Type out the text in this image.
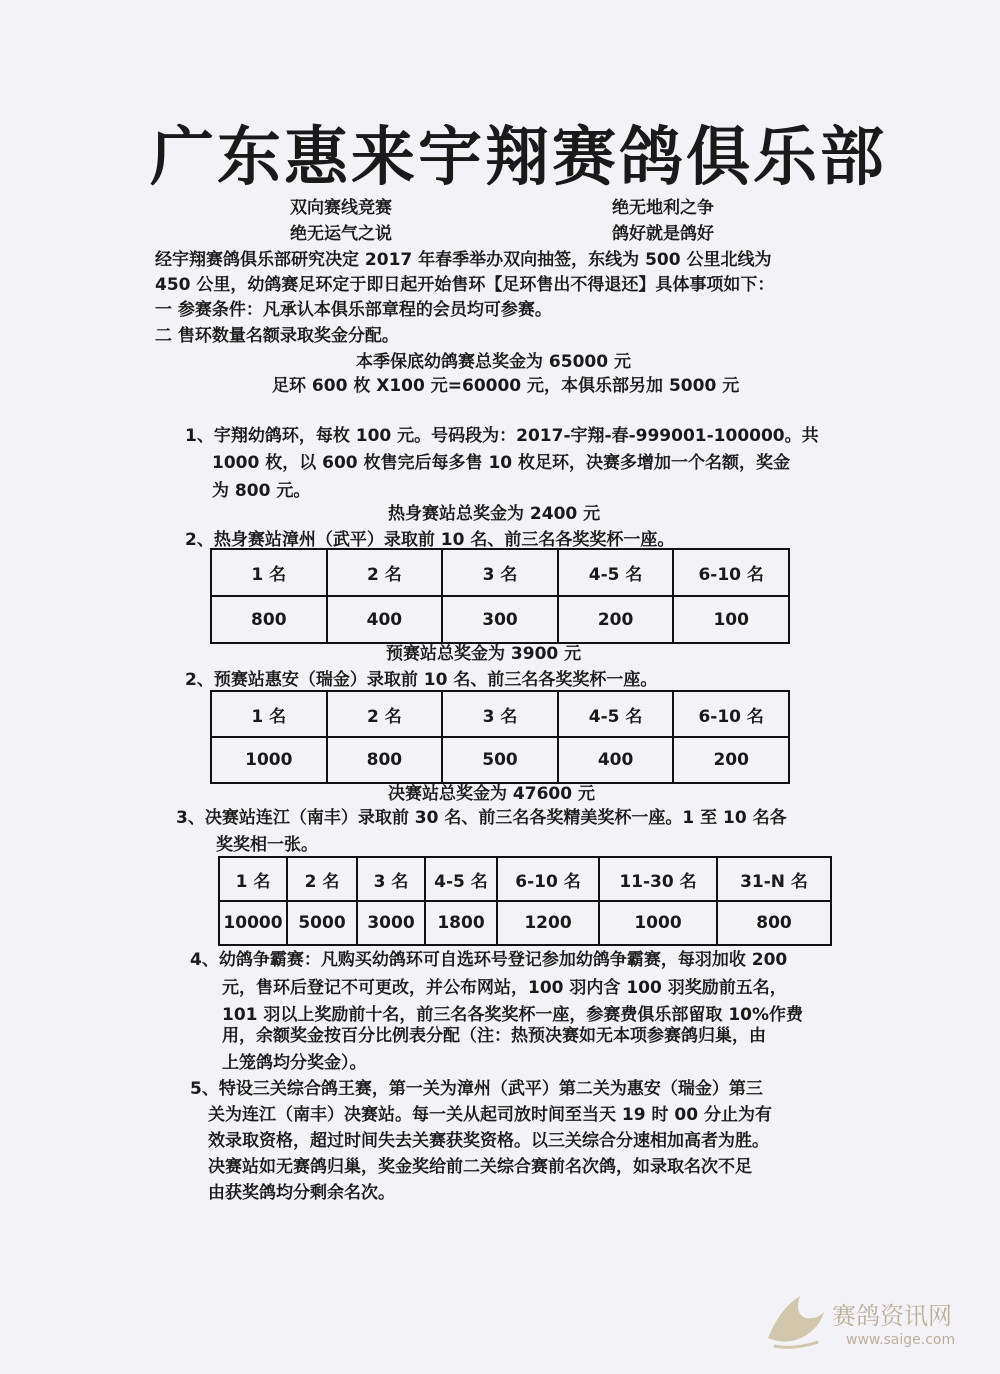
广东惠来宇翔赛鸽俱乐部
双向赛线竞赛	绝无地利之争
绝无运气之说	鸽好就是鸽好
经宇翔赛鸽俱乐部研究决定 2017 年春季举办双向抽签，东线为 500 公里北线为
450 公里，幼鸽赛足环定于即日起开始售环【足环售出不得退还】具体事项如下：
一 参赛条件：凡承认本俱乐部章程的会员均可参赛。
二 售环数量名额录取奖金分配。
本季保底幼鸽赛总奖金为 65000 元
足环 600 枚 X100 元=60000 元，本俱乐部另加 5000 元
1、宇翔幼鸽环，每枚 100 元。号码段为：2017-宇翔-春-999001-100000。共
1000 枚，以 600 枚售完后每多售 10 枚足环，决赛多增加一个名额，奖金
为 800 元。
热身赛站总奖金为 2400 元
2、热身赛站漳州（武平）录取前 10 名、前三名各奖奖杯一座。
1 名	2 名	3 名	4-5 名	6-10 名
800	400	300	200	100
预赛站总奖金为 3900 元
2、预赛站惠安（瑞金）录取前 10 名、前三名各奖奖杯一座。
1 名	2 名	3 名	4-5 名	6-10 名
1000	800	500	400	200
决赛站总奖金为 47600 元
3、决赛站连江（南丰）录取前 30 名、前三名各奖精美奖杯一座。1 至 10 名各
奖奖相一张。
1 名	2 名	3 名	4-5 名	6-10 名	11-30 名	31-N 名
10000	5000	3000	1800	1200	1000	800
4、幼鸽争霸赛：凡购买幼鸽环可自选环号登记参加幼鸽争霸赛，每羽加收 200
元，售环后登记不可更改，并公布网站，100 羽内含 100 羽奖励前五名，
101 羽以上奖励前十名，前三名各奖奖杯一座，参赛费俱乐部留取 10%作费
用，余额奖金按百分比例表分配（注：热预决赛如无本项参赛鸽归巢，由
上笼鸽均分奖金）。
5、特设三关综合鸽王赛，第一关为漳州（武平）第二关为惠安（瑞金）第三
关为连江（南丰）决赛站。每一关从起司放时间至当天 19 时 00 分止为有
效录取资格，超过时间失去关赛获奖资格。以三关综合分速相加高者为胜。
决赛站如无赛鸽归巢，奖金奖给前二关综合赛前名次鸽，如录取名次不足
由获奖鸽均分剩余名次。
赛鸽资讯网
www.saige.com
